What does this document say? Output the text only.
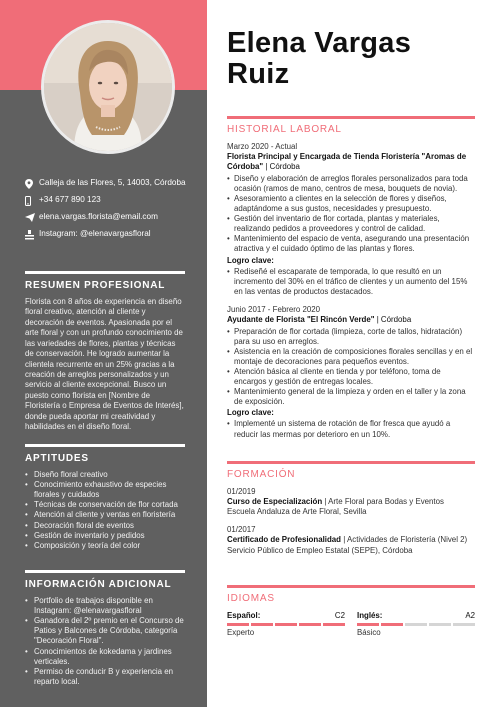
Calleja de las Flores, 5, 14003, Córdoba
+34 677 890 123
elena.vargas.florista@email.com
Instagram: @elenavargasfloral
RESUMEN PROFESIONAL
Florista con 8 años de experiencia en diseño floral creativo, atención al cliente y decoración de eventos. Apasionada por el arte floral y con un profundo conocimiento de las variedades de flores, plantas y técnicas de conservación. He logrado aumentar la clientela recurrente en un 25% gracias a la creación de arreglos personalizados y un servicio al cliente excepcional. Busco un puesto como florista en [Nombre de Floristería o Empresa de Eventos de Interés], donde pueda aportar mi creatividad y habilidades en el diseño floral.
APTITUDES
• Diseño floral creativo
• Conocimiento exhaustivo de especies florales y cuidados
• Técnicas de conservación de flor cortada
• Atención al cliente y ventas en floristería
• Decoración floral de eventos
• Gestión de inventario y pedidos
• Composición y teoría del color
INFORMACIÓN ADICIONAL
• Portfolio de trabajos disponible en Instagram: @elenavargasfloral
• Ganadora del 2º premio en el Concurso de Patios y Balcones de Córdoba, categoría "Decoración Floral".
• Conocimientos de kokedama y jardines verticales.
• Permiso de conducir B y experiencia en reparto local.
Elena Vargas
Ruiz
HISTORIAL LABORAL
Marzo 2020 - Actual
Florista Principal y Encargada de Tienda Floristería "Aromas de Córdoba" | Córdoba
• Diseño y elaboración de arreglos florales personalizados para toda ocasión (ramos de mano, centros de mesa, bouquets de novia).
• Asesoramiento a clientes en la selección de flores y diseños, adaptándome a sus gustos, necesidades y presupuesto.
• Gestión del inventario de flor cortada, plantas y materiales, realizando pedidos a proveedores y control de calidad.
• Mantenimiento del espacio de venta, asegurando una presentación atractiva y el cuidado óptimo de las plantas y flores.
Logro clave:
• Rediseñé el escaparate de temporada, lo que resultó en un incremento del 30% en el tráfico de clientes y un aumento del 15% en las ventas de productos destacados.
Junio 2017 - Febrero 2020
Ayudante de Florista "El Rincón Verde" | Córdoba
• Preparación de flor cortada (limpieza, corte de tallos, hidratación) para su uso en arreglos.
• Asistencia en la creación de composiciones florales sencillas y en el montaje de decoraciones para pequeños eventos.
• Atención básica al cliente en tienda y por teléfono, toma de encargos y gestión de entregas locales.
• Mantenimiento general de la limpieza y orden en el taller y la zona de exposición.
Logro clave:
• Implementé un sistema de rotación de flor fresca que ayudó a reducir las mermas por deterioro en un 10%.
FORMACIÓN
01/2019
Curso de Especialización | Arte Floral para Bodas y Eventos
Escuela Andaluza de Arte Floral, Sevilla
01/2017
Certificado de Profesionalidad | Actividades de Floristería (Nivel 2)
Servicio Público de Empleo Estatal (SEPE), Córdoba
IDIOMAS
Español:	C2
Experto
Inglés:	A2
Básico
